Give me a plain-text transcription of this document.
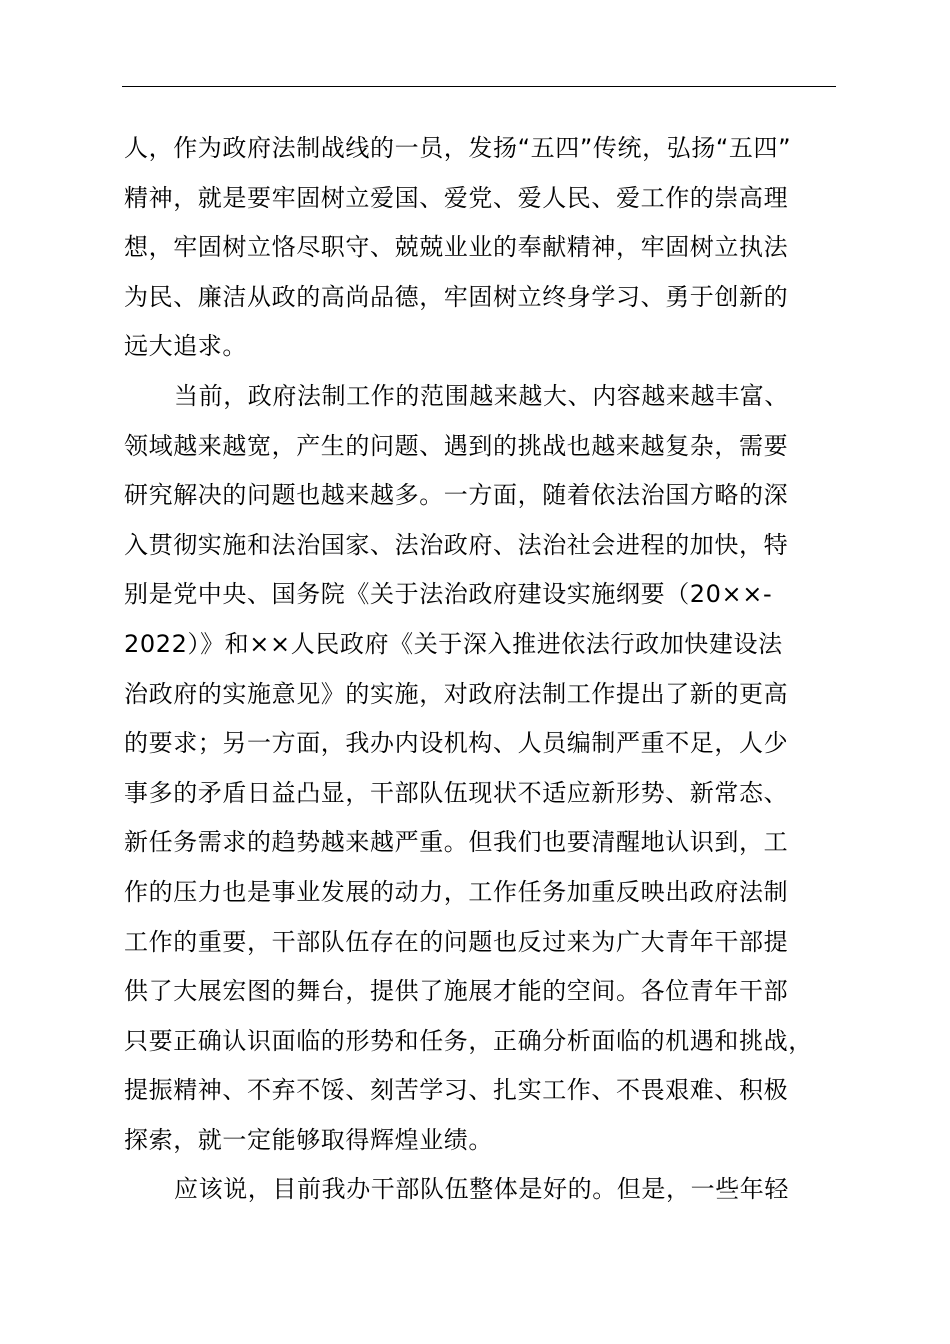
人，作为政府法制战线的一员，发扬“五四”传统，弘扬“五四”
精神，就是要牢固树立爱国、爱党、爱人民、爱工作的崇高理
想，牢固树立恪尽职守、兢兢业业的奉献精神，牢固树立执法
为民、廉洁从政的高尚品德，牢固树立终身学习、勇于创新的
远大追求。
当前，政府法制工作的范围越来越大、内容越来越丰富、
领域越来越宽，产生的问题、遇到的挑战也越来越复杂，需要
研究解决的问题也越来越多。一方面，随着依法治国方略的深
入贯彻实施和法治国家、法治政府、法治社会进程的加快，特
别是党中央、国务院《关于法治政府建设实施纲要（20××-
2022）》和××人民政府《关于深入推进依法行政加快建设法
治政府的实施意见》的实施，对政府法制工作提出了新的更高
的要求；另一方面，我办内设机构、人员编制严重不足，人少
事多的矛盾日益凸显，干部队伍现状不适应新形势、新常态、
新任务需求的趋势越来越严重。但我们也要清醒地认识到，工
作的压力也是事业发展的动力，工作任务加重反映出政府法制
工作的重要，干部队伍存在的问题也反过来为广大青年干部提
供了大展宏图的舞台，提供了施展才能的空间。各位青年干部
只要正确认识面临的形势和任务，正确分析面临的机遇和挑战，
提振精神、不弃不馁、刻苦学习、扎实工作、不畏艰难、积极
探索，就一定能够取得辉煌业绩。
应该说，目前我办干部队伍整体是好的。但是，一些年轻
